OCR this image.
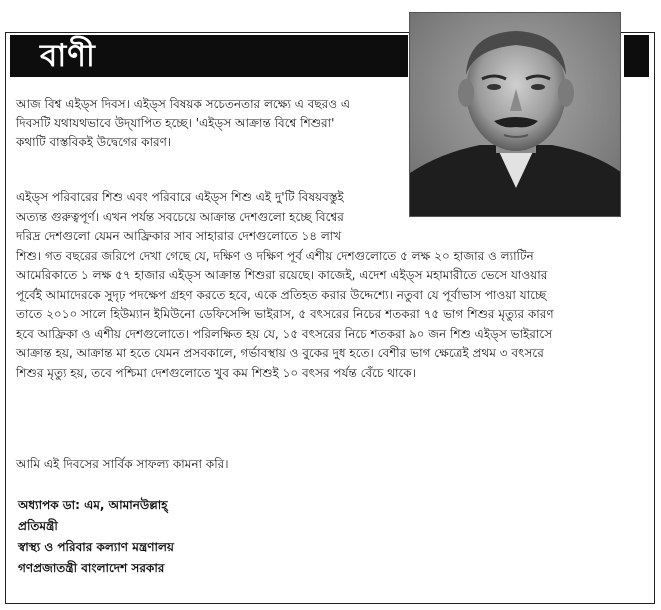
বাণী
আজ বিশ্ব এইড্‌স দিবস। এইড্‌স বিষয়ক সচেতনতার লক্ষ্যে এ বছরও এ
দিবসটি যথাযথভাবে উদ্‌যাপিত হচ্ছে। 'এইড্‌স আক্রান্ত বিশ্বে শিশুরা'
কথাটি বাস্তবিকই উদ্বেগের কারণ।
এইড্‌স পরিবারের শিশু এবং পরিবারে এইড্‌স শিশু এই দু'টি বিষয়বস্তুই
অত্যন্ত গুরুত্বপূর্ণ। এখন পর্যন্ত সবচেয়ে আক্রান্ত দেশগুলো হচ্ছে বিশ্বের
দরিদ্র দেশগুলো যেমন আফ্রিকার সাব সাহারার দেশগুলোতে ১৪ লাখ
শিশু। গত বছরের জরিপে দেখা গেছে যে, দক্ষিণ ও দক্ষিণ পূর্ব এশীয় দেশগুলোতে ৫ লক্ষ ২০ হাজার ও ল্যাটিন
আমেরিকাতে ১ লক্ষ ৫৭ হাজার এইড্‌স আক্রান্ত শিশুরা রয়েছে। কাজেই, এদেশ এইড্‌স মহামারীতে ভেসে যাওয়ার
পূর্বেই আমাদেরকে সুদৃঢ় পদক্ষেপ গ্রহণ করতে হবে, একে প্রতিহত করার উদ্দেশ্যে। নতুবা যে পূর্বাভাস পাওয়া যাচ্ছে
তাতে ২০১০ সালে হিউম্যান ইমিউনো ডেফিসেন্সি ভাইরাস, ৫ বৎসরের নিচের শতকরা ৭৫ ভাগ শিশুর মৃত্যুর কারণ
হবে আফ্রিকা ও এশীয় দেশগুলোতে। পরিলক্ষিত হয় যে, ১৫ বৎসরের নিচে শতকরা ৯০ জন শিশু এইড্‌স ভাইরাসে
আক্রান্ত হয়, আক্রান্ত মা হতে যেমন প্রসবকালে, গর্ভাবস্থায় ও বুকের দুধ হতে। বেশীর ভাগ ক্ষেত্রেই প্রথম ৩ বৎসরে
শিশুর মৃত্যু হয়, তবে পশ্চিমা দেশগুলোতে খুব কম শিশুই ১০ বৎসর পর্যন্ত বেঁচে থাকে।
আমি এই দিবসের সার্বিক সাফল্য কামনা করি।
অধ্যাপক ডা: এম, আমানউল্লাহ্‌
প্রতিমন্ত্রী
স্বাস্থ্য ও পরিবার কল্যাণ মন্ত্রণালয়
গণপ্রজাতন্ত্রী বাংলাদেশ সরকার
